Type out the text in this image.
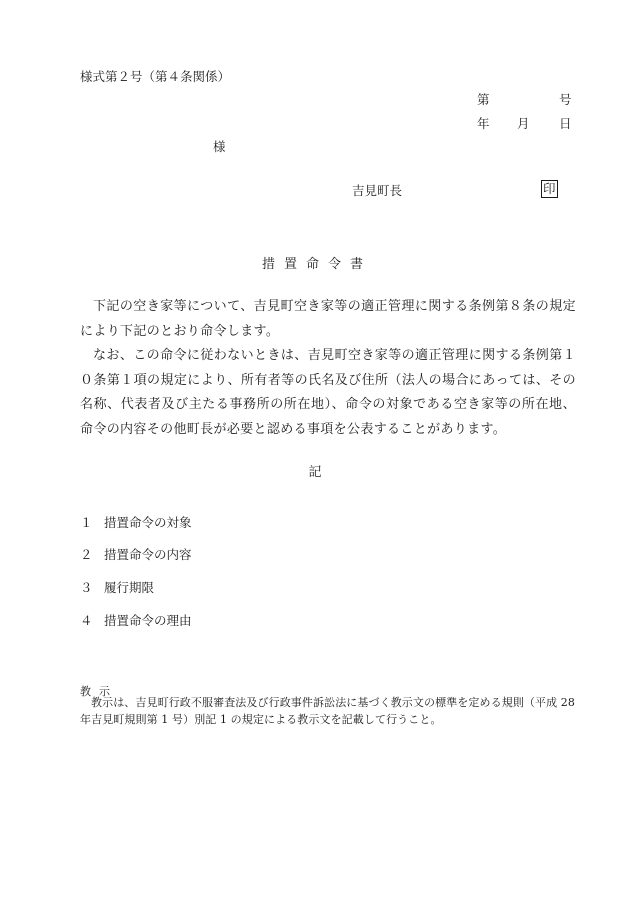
様式第２号（第４条関係）
第	号
年 月 日
様
吉見町長	印
措置命令書
下記の空き家等について、吉見町空き家等の適正管理に関する条例第８条の規定により下記のとおり命令します。
なお、この命令に従わないときは、吉見町空き家等の適正管理に関する条例第１０条第１項の規定により、所有者等の氏名及び住所（法人の場合にあっては、その名称、代表者及び主たる事務所の所在地）、命令の対象である空き家等の所在地、命令の内容その他町長が必要と認める事項を公表することがあります。
記
１ 措置命令の対象
２ 措置命令の内容
３ 履行期限
４ 措置命令の理由
教示
教示は、吉見町行政不服審査法及び行政事件訴訟法に基づく教示文の標準を定める規則（平成 28 年吉見町規則第 1 号）別記 1 の規定による教示文を記載して行うこと。
